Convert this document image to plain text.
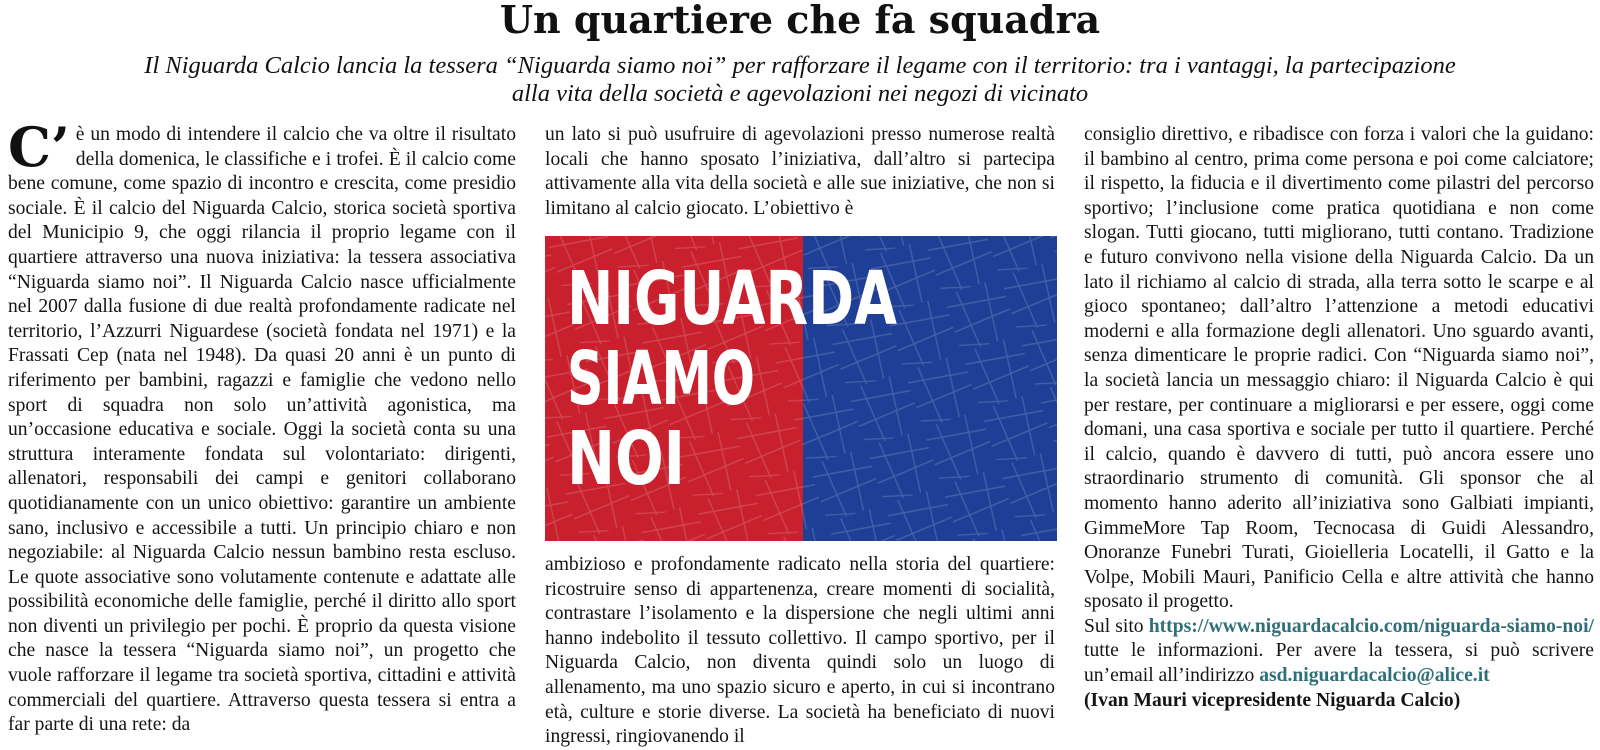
Un quartiere che fa squadra
Il Niguarda Calcio lancia la tessera “Niguarda siamo noi” per rafforzare il legame con il territorio: tra i vantaggi, la partecipazione
alla vita della società e agevolazioni nei negozi di vicinato

C’ è un modo di intendere il calcio che va oltre il risultato della domenica, le classifiche e i trofei. È il calcio come bene comune, come spazio di incontro e crescita, come presidio sociale. È il calcio del Niguarda Calcio, storica società sportiva del Municipio 9, che oggi rilancia il proprio legame con il quartiere attraverso una nuova iniziativa: la tessera associativa “Niguarda siamo noi”. Il Niguarda Calcio nasce ufficialmente nel 2007 dalla fusione di due realtà profondamente radicate nel territorio, l’Azzurri Niguardese (società fondata nel 1971) e la Frassati Cep (nata nel 1948). Da quasi 20 anni è un punto di riferimento per bambini, ragazzi e famiglie che vedono nello sport di squadra non solo un’attività agonistica, ma un’occasione educativa e sociale. Oggi la società conta su una struttura interamente fondata sul volontariato: dirigenti, allenatori, responsabili dei campi e genitori collaborano quotidianamente con un unico obiettivo: garantire un ambiente sano, inclusivo e accessibile a tutti. Un principio chiaro e non negoziabile: al Niguarda Calcio nessun bambino resta escluso. Le quote associative sono volutamente contenute e adattate alle possibilità economiche delle famiglie, perché il diritto allo sport non diventi un privilegio per pochi. È proprio da questa visione che nasce la tessera “Niguarda siamo noi”, un progetto che vuole rafforzare il legame tra società sportiva, cittadini e attività commerciali del quartiere. Attraverso questa tessera si entra a far parte di una rete: da

un lato si può usufruire di agevolazioni presso numerose realtà locali che hanno sposato l’iniziativa, dall’altro si partecipa attivamente alla vita della società e alle sue iniziative, che non si limitano al calcio giocato. L’obiettivo è

NIGUARDA
SIAMO
NOI

ambizioso e profondamente radicato nella storia del quartiere: ricostruire senso di appartenenza, creare momenti di socialità, contrastare l’isolamento e la dispersione che negli ultimi anni hanno indebolito il tessuto collettivo. Il campo sportivo, per il Niguarda Calcio, non diventa quindi solo un luogo di allenamento, ma uno spazio sicuro e aperto, in cui si incontrano età, culture e storie diverse. La società ha beneficiato di nuovi ingressi, ringiovanendo il

consiglio direttivo, e ribadisce con forza i valori che la guidano: il bambino al centro, prima come persona e poi come calciatore; il rispetto, la fiducia e il divertimento come pilastri del percorso sportivo; l’inclusione come pratica quotidiana e non come slogan. Tutti giocano, tutti migliorano, tutti contano. Tradizione e futuro convivono nella visione della Niguarda Calcio. Da un lato il richiamo al calcio di strada, alla terra sotto le scarpe e al gioco spontaneo; dall’altro l’attenzione a metodi educativi moderni e alla formazione degli allenatori. Uno sguardo avanti, senza dimenticare le proprie radici. Con “Niguarda siamo noi”, la società lancia un messaggio chiaro: il Niguarda Calcio è qui per restare, per continuare a migliorarsi e per essere, oggi come domani, una casa sportiva e sociale per tutto il quartiere. Perché il calcio, quando è davvero di tutti, può ancora essere uno straordinario strumento di comunità. Gli sponsor che al momento hanno aderito all’iniziativa sono Galbiati impianti, GimmeMore Tap Room, Tecnocasa di Guidi Alessandro, Onoranze Funebri Turati, Gioielleria Locatelli, il Gatto e la Volpe, Mobili Mauri, Panificio Cella e altre attività che hanno sposato il progetto.
Sul sito https://www.niguardacalcio.com/niguarda-siamo-noi/ tutte le informazioni. Per avere la tessera, si può scrivere un’email all’indirizzo asd.niguardacalcio@alice.it
(Ivan Mauri vicepresidente Niguarda Calcio)
